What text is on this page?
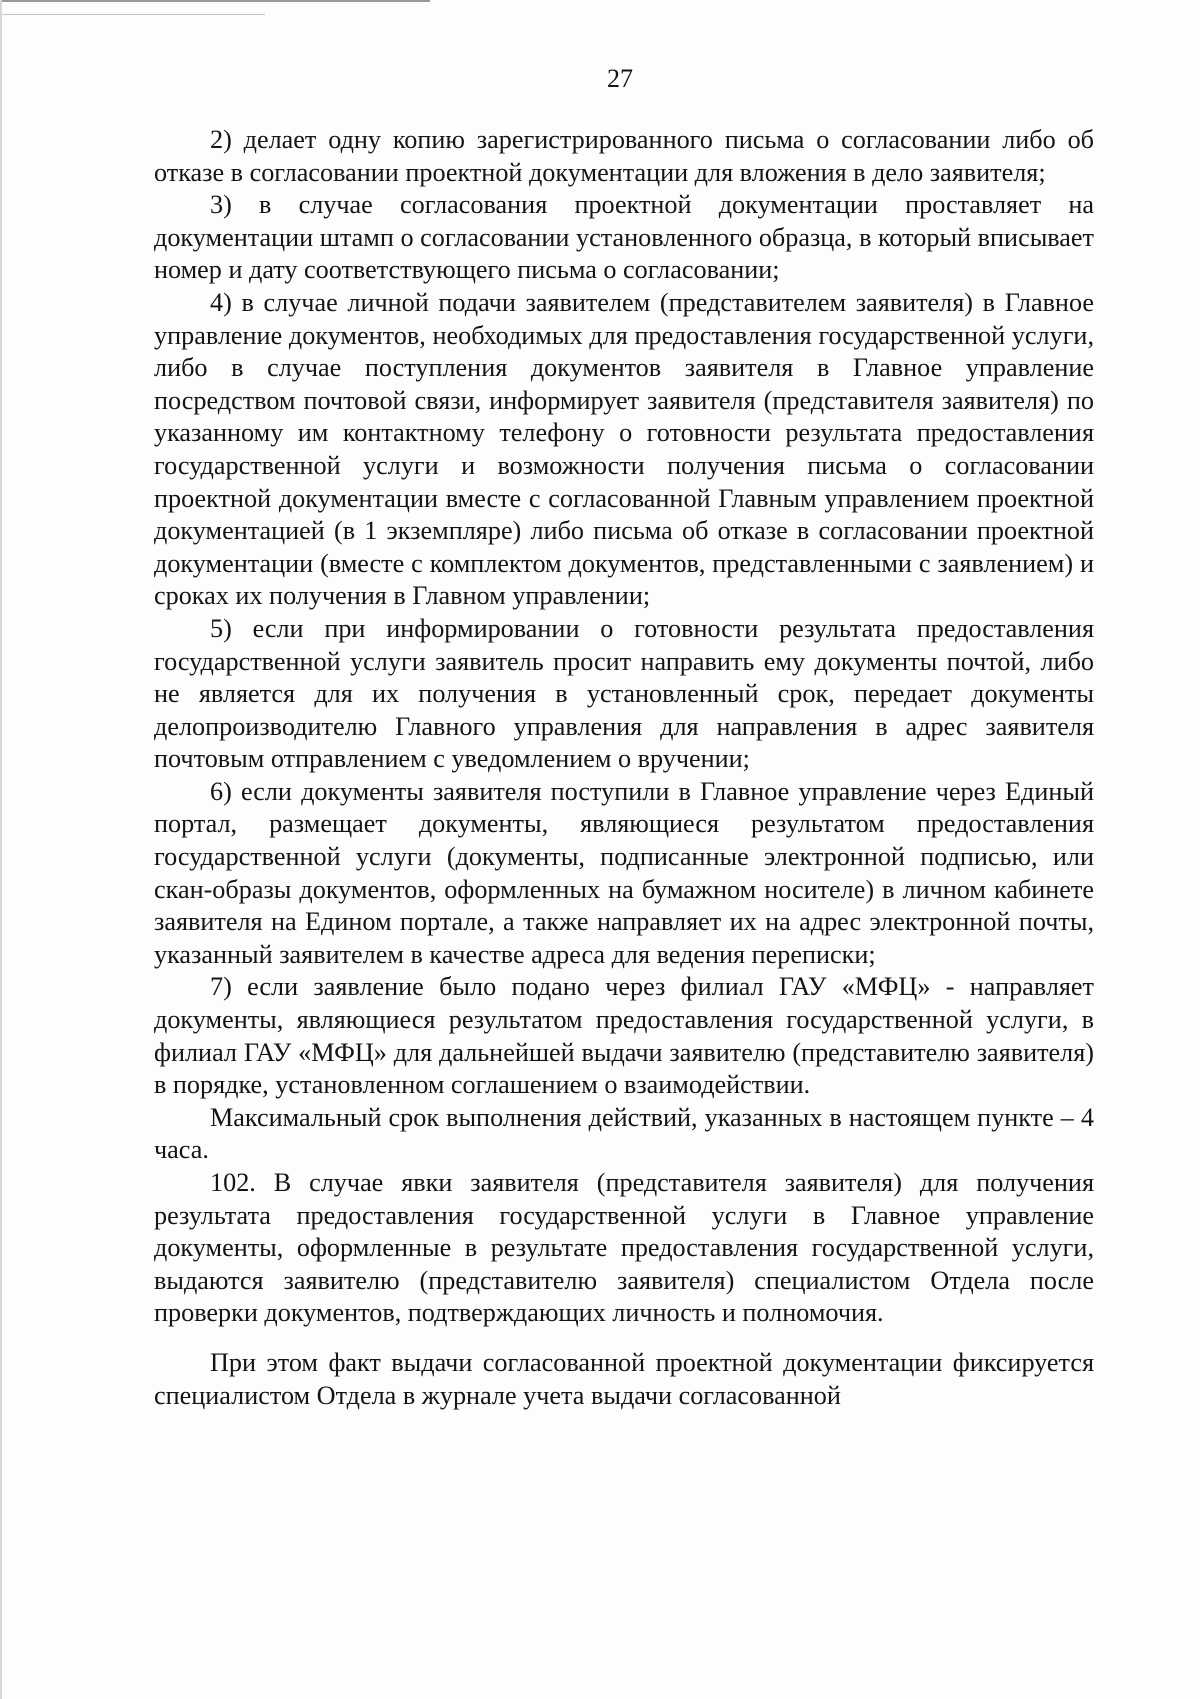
27

2) делает одну копию зарегистрированного письма о согласовании либо об отказе в согласовании проектной документации для вложения в дело заявителя;

3) в случае согласования проектной документации проставляет на документации штамп о согласовании установленного образца, в который вписывает номер и дату соответствующего письма о согласовании;

4) в случае личной подачи заявителем (представителем заявителя) в Главное управление документов, необходимых для предоставления государственной услуги, либо в случае поступления документов заявителя в Главное управление посредством почтовой связи, информирует заявителя (представителя заявителя) по указанному им контактному телефону о готовности результата предоставления государственной услуги и возможности получения письма о согласовании проектной документации вместе с согласованной Главным управлением проектной документацией (в 1 экземпляре) либо письма об отказе в согласовании проектной документации (вместе с комплектом документов, представленными с заявлением) и сроках их получения в Главном управлении;

5) если при информировании о готовности результата предоставления государственной услуги заявитель просит направить ему документы почтой, либо не является для их получения в установленный срок, передает документы делопроизводителю Главного управления для направления в адрес заявителя почтовым отправлением с уведомлением о вручении;

6) если документы заявителя поступили в Главное управление через Единый портал, размещает документы, являющиеся результатом предоставления государственной услуги (документы, подписанные электронной подписью, или скан-образы документов, оформленных на бумажном носителе) в личном кабинете заявителя на Едином портале, а также направляет их на адрес электронной почты, указанный заявителем в качестве адреса для ведения переписки;

7) если заявление было подано через филиал ГАУ «МФЦ» - направляет документы, являющиеся результатом предоставления государственной услуги, в филиал ГАУ «МФЦ» для дальнейшей выдачи заявителю (представителю заявителя) в порядке, установленном соглашением о взаимодействии.

Максимальный срок выполнения действий, указанных в настоящем пункте – 4 часа.

102. В случае явки заявителя (представителя заявителя) для получения результата предоставления государственной услуги в Главное управление документы, оформленные в результате предоставления государственной услуги, выдаются заявителю (представителю заявителя) специалистом Отдела после проверки документов, подтверждающих личность и полномочия.

При этом факт выдачи согласованной проектной документации фиксируется специалистом Отдела в журнале учета выдачи согласованной
